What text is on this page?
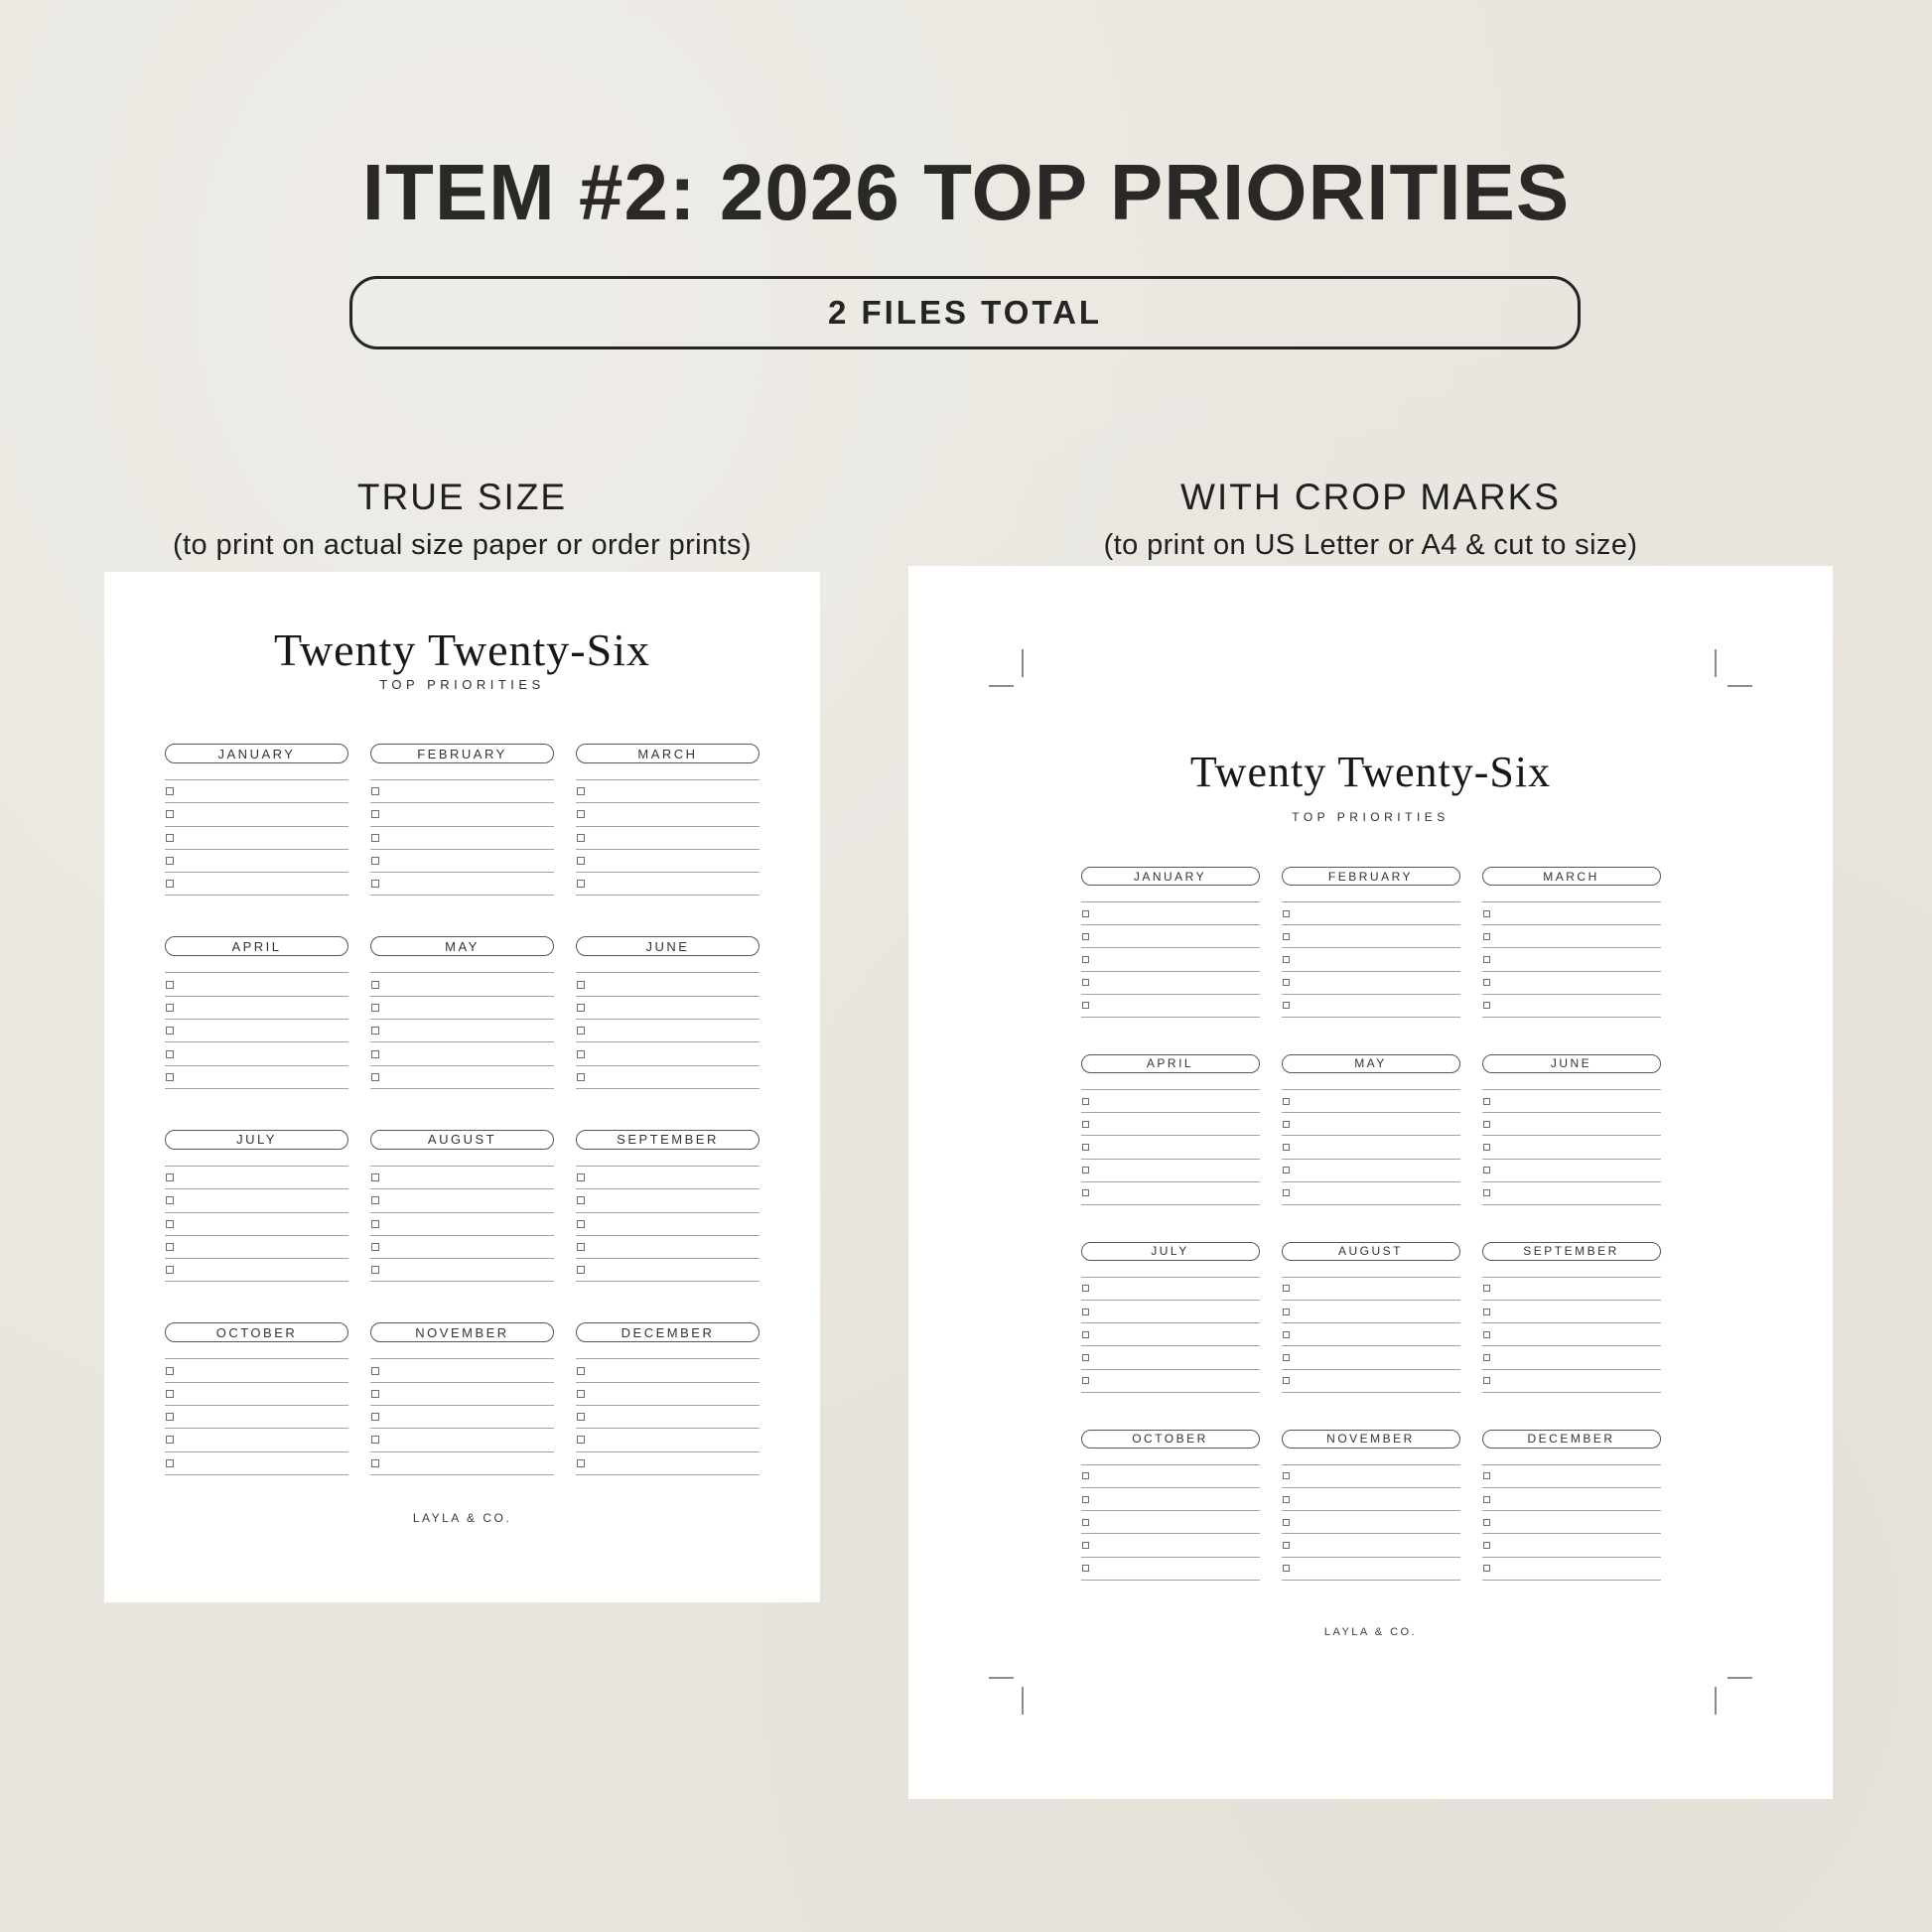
ITEM #2: 2026 TOP PRIORITIES
2 FILES TOTAL
TRUE SIZE
(to print on actual size paper or order prints)
WITH CROP MARKS
(to print on US Letter or A4 & cut to size)
Twenty Twenty-Six
TOP PRIORITIES
JANUARY	FEBRUARY	MARCH
APRIL	MAY	JUNE
JULY	AUGUST	SEPTEMBER
OCTOBER	NOVEMBER	DECEMBER
LAYLA & CO.
Twenty Twenty-Six
TOP PRIORITIES
JANUARY	FEBRUARY	MARCH
APRIL	MAY	JUNE
JULY	AUGUST	SEPTEMBER
OCTOBER	NOVEMBER	DECEMBER
LAYLA & CO.
